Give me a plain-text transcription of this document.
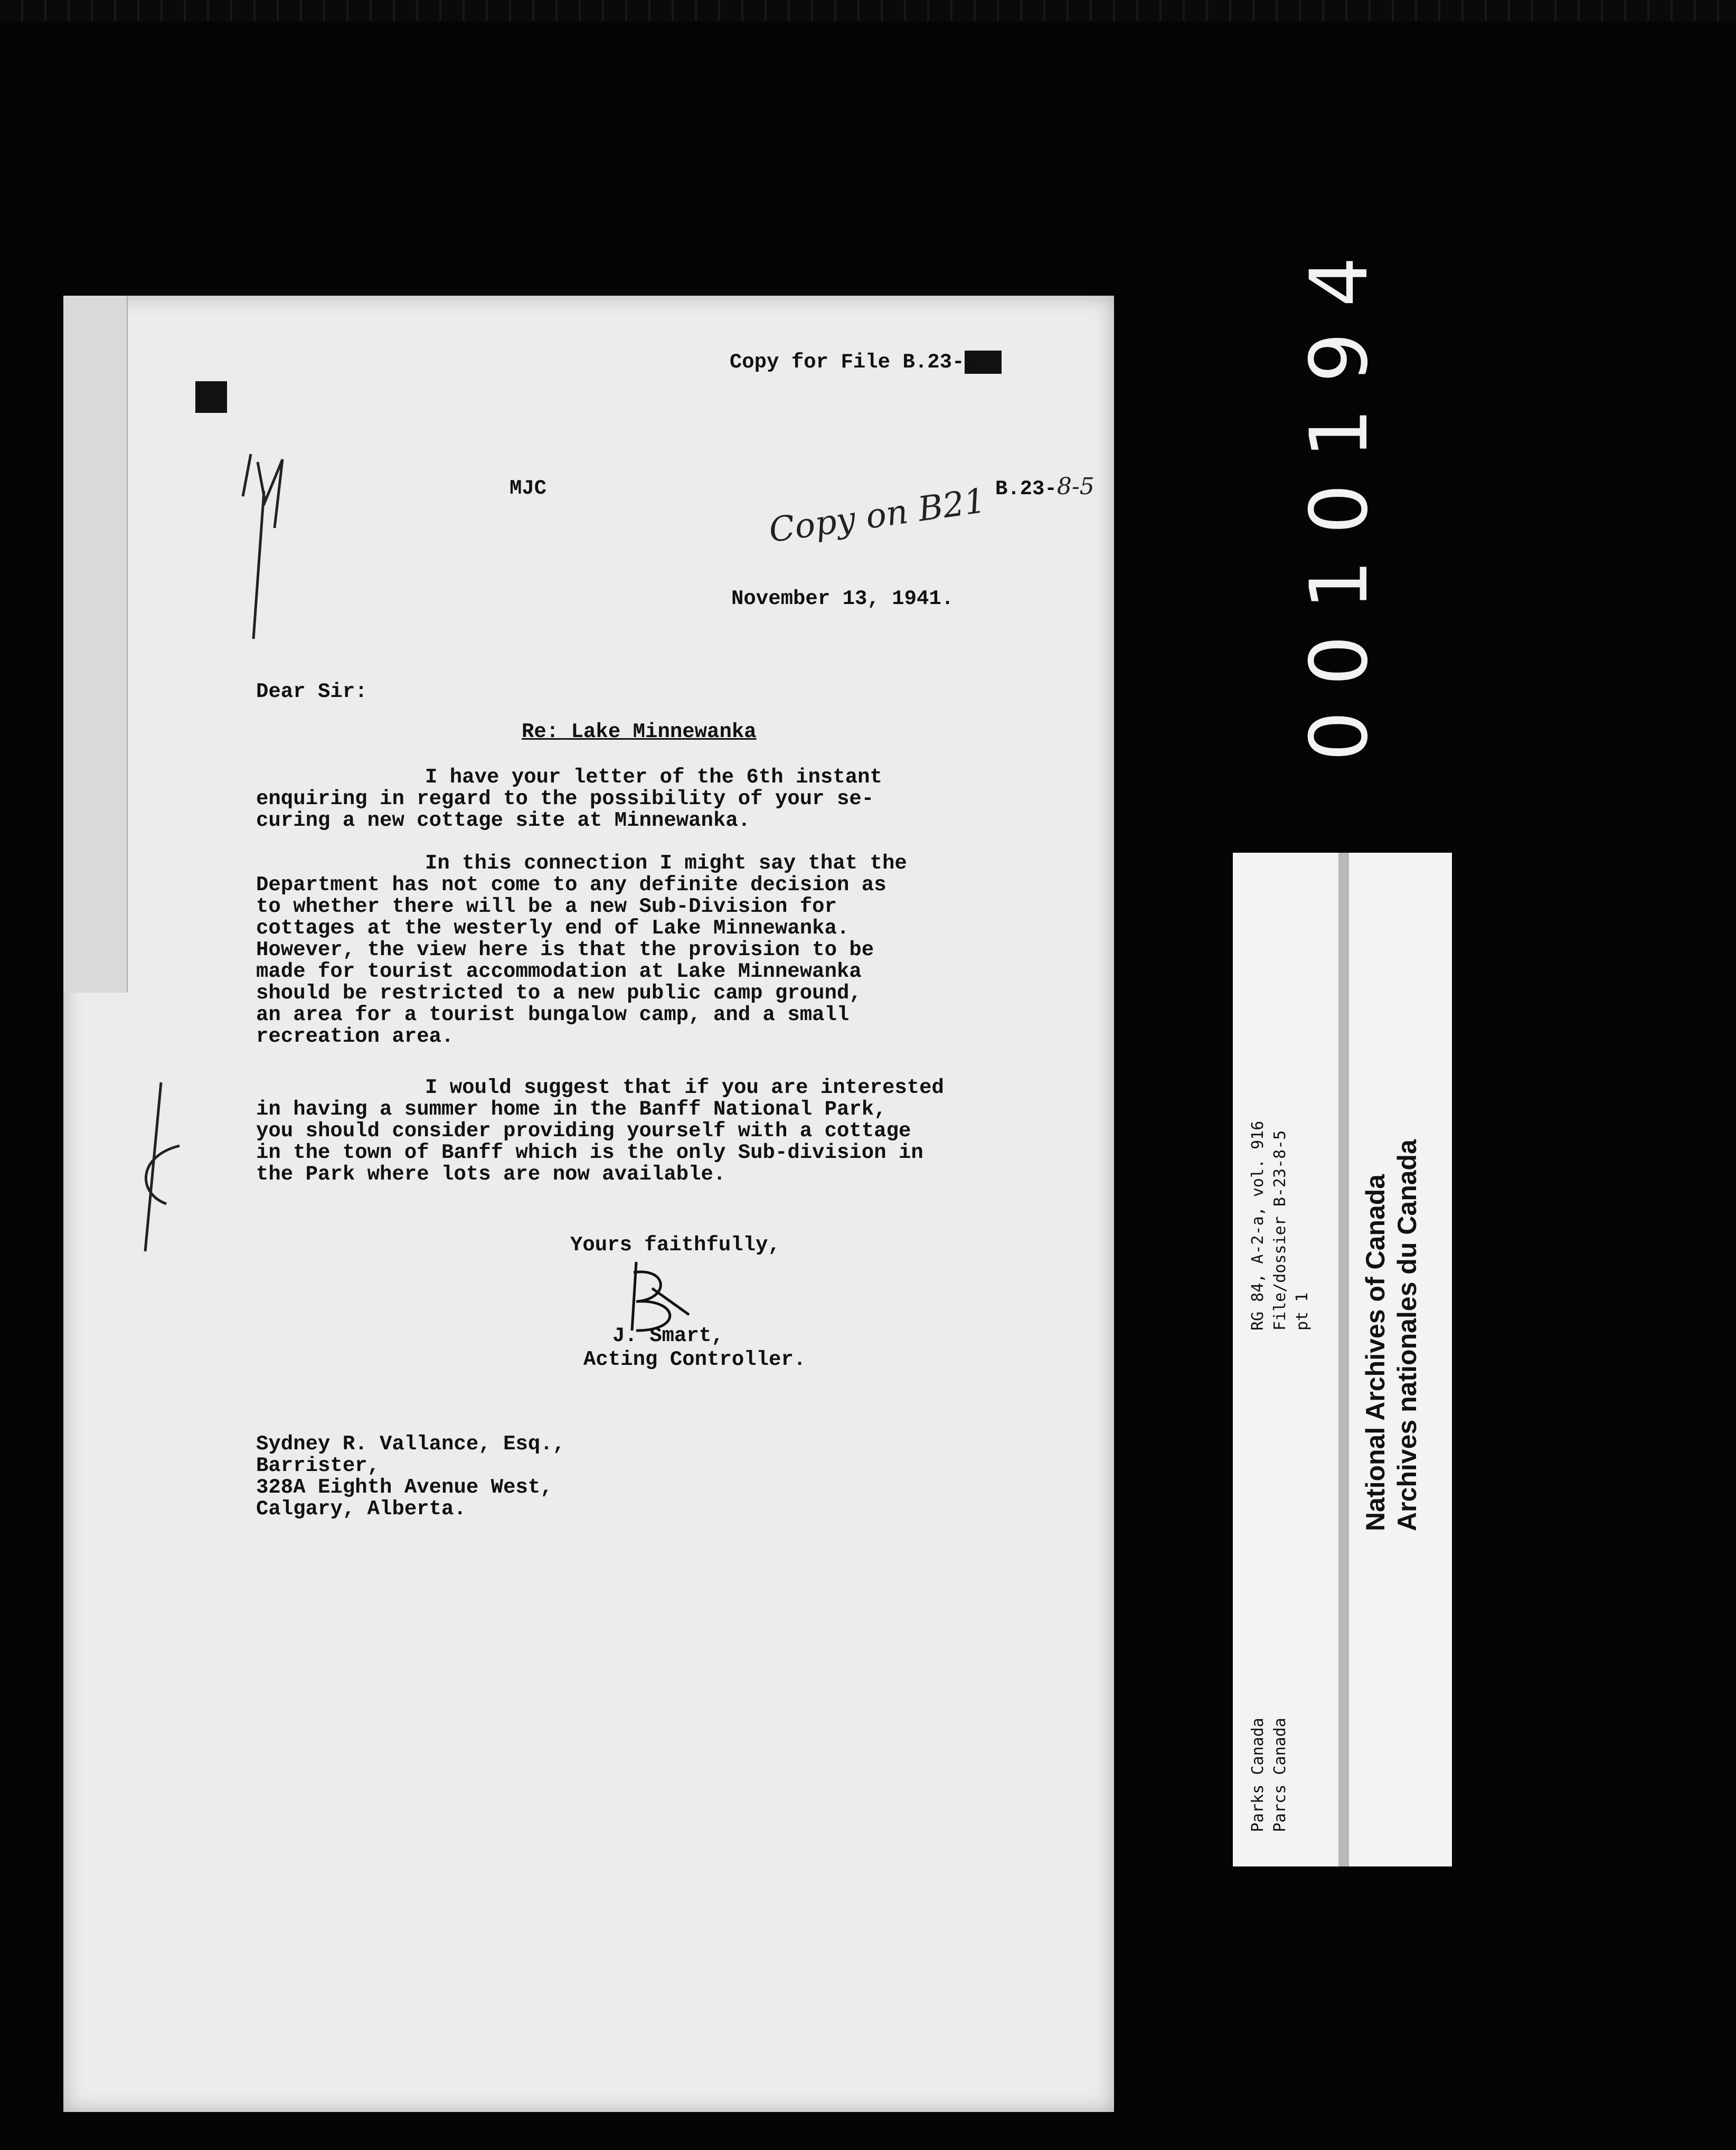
0010194

Copy for File B.23-899

B.23-8-5

MJC	Copy on B21
November 13, 1941.
Dear Sir:
Re: Lake Minnewanka
I have your letter of the 6th instant
enquiring in regard to the possibility of your se-
curing a new cottage site at Minnewanka.
In this connection I might say that the
Department has not come to any definite decision as
to whether there will be a new Sub-Division for
cottages at the westerly end of Lake Minnewanka.
However, the view here is that the provision to be
made for tourist accommodation at Lake Minnewanka
should be restricted to a new public camp ground,
an area for a tourist bungalow camp, and a small
recreation area.
I would suggest that if you are interested
in having a summer home in the Banff National Park,
you should consider providing yourself with a cottage
in the town of Banff which is the only Sub-division in
the Park where lots are now available.
Yours faithfully,
J. Smart,
Acting Controller.
Sydney R. Vallance, Esq.,
Barrister,
328A Eighth Avenue West,
Calgary, Alberta.
Parks Canada Parcs Canada
RG 84, A-2-a, vol. 916 File/dossier B-23-8-5 pt 1 National Archives of Canada Archives nationales du Canada
